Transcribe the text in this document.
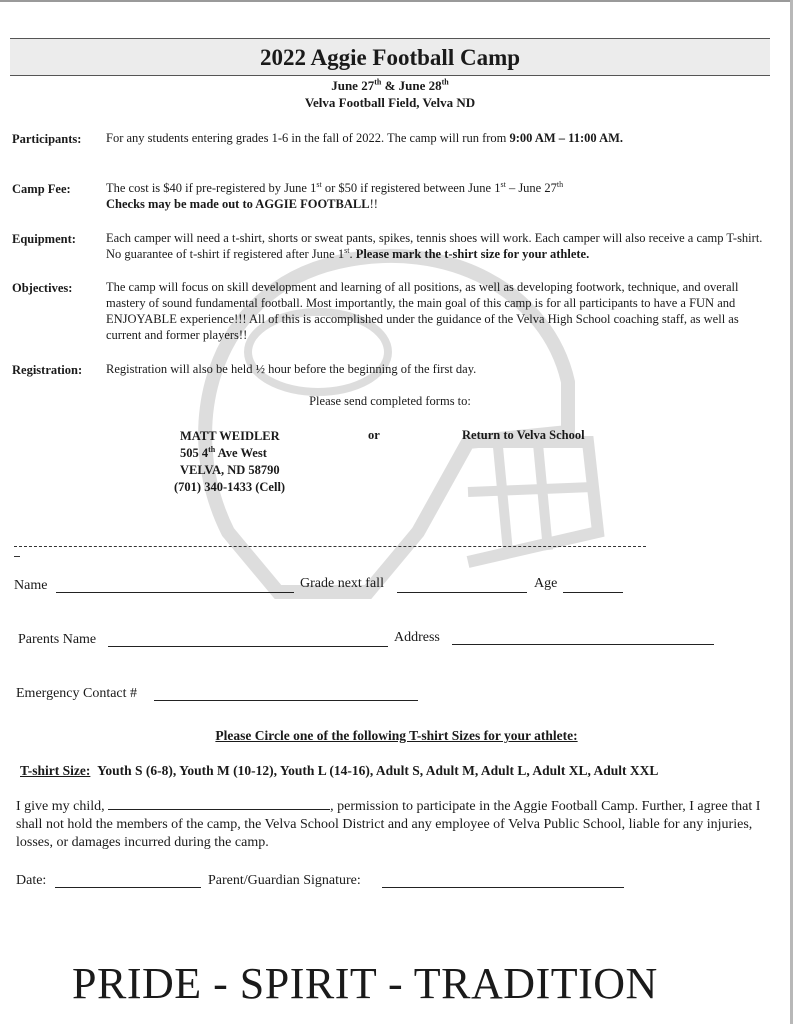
2022 Aggie Football Camp
June 27th & June 28th
Velva Football Field, Velva ND
Participants: For any students entering grades 1-6 in the fall of 2022. The camp will run from 9:00 AM – 11:00 AM.
Camp Fee:	The cost is $40 if pre-registered by June 1st or $50 if registered between June 1st – June 27th
Checks may be made out to AGGIE FOOTBALL!!
Equipment: Each camper will need a t-shirt, shorts or sweat pants, spikes, tennis shoes will work. Each camper will also receive a camp T-shirt. No guarantee of t-shirt if registered after June 1st. Please mark the t-shirt size for your athlete.
Objectives:	The camp will focus on skill development and learning of all positions, as well as developing footwork, technique, and overall mastery of sound fundamental football. Most importantly, the main goal of this camp is for all participants to have a FUN and ENJOYABLE experience!!! All of this is accomplished under the guidance of the Velva High School coaching staff, as well as current and former players!!
Registration: Registration will also be held ½ hour before the beginning of the first day.
Please send completed forms to:
MATT WEIDLER
505 4th Ave West
VELVA, ND 58790
(701) 340-1433 (Cell)
or	Return to Velva School
Name	Grade next fall	Age
Parents Name	Address
Emergency Contact #
Please Circle one of the following T-shirt Sizes for your athlete:
T-shirt Size: Youth S (6-8), Youth M (10-12), Youth L (14-16), Adult S, Adult M, Adult L, Adult XL, Adult XXL
I give my child,	, permission to participate in the Aggie Football Camp. Further, I agree that I shall not hold the members of the camp, the Velva School District and any employee of Velva Public School, liable for any injuries, losses, or damages incurred during the camp.
Date:	Parent/Guardian Signature:
PRIDE - SPIRIT - TRADITION
